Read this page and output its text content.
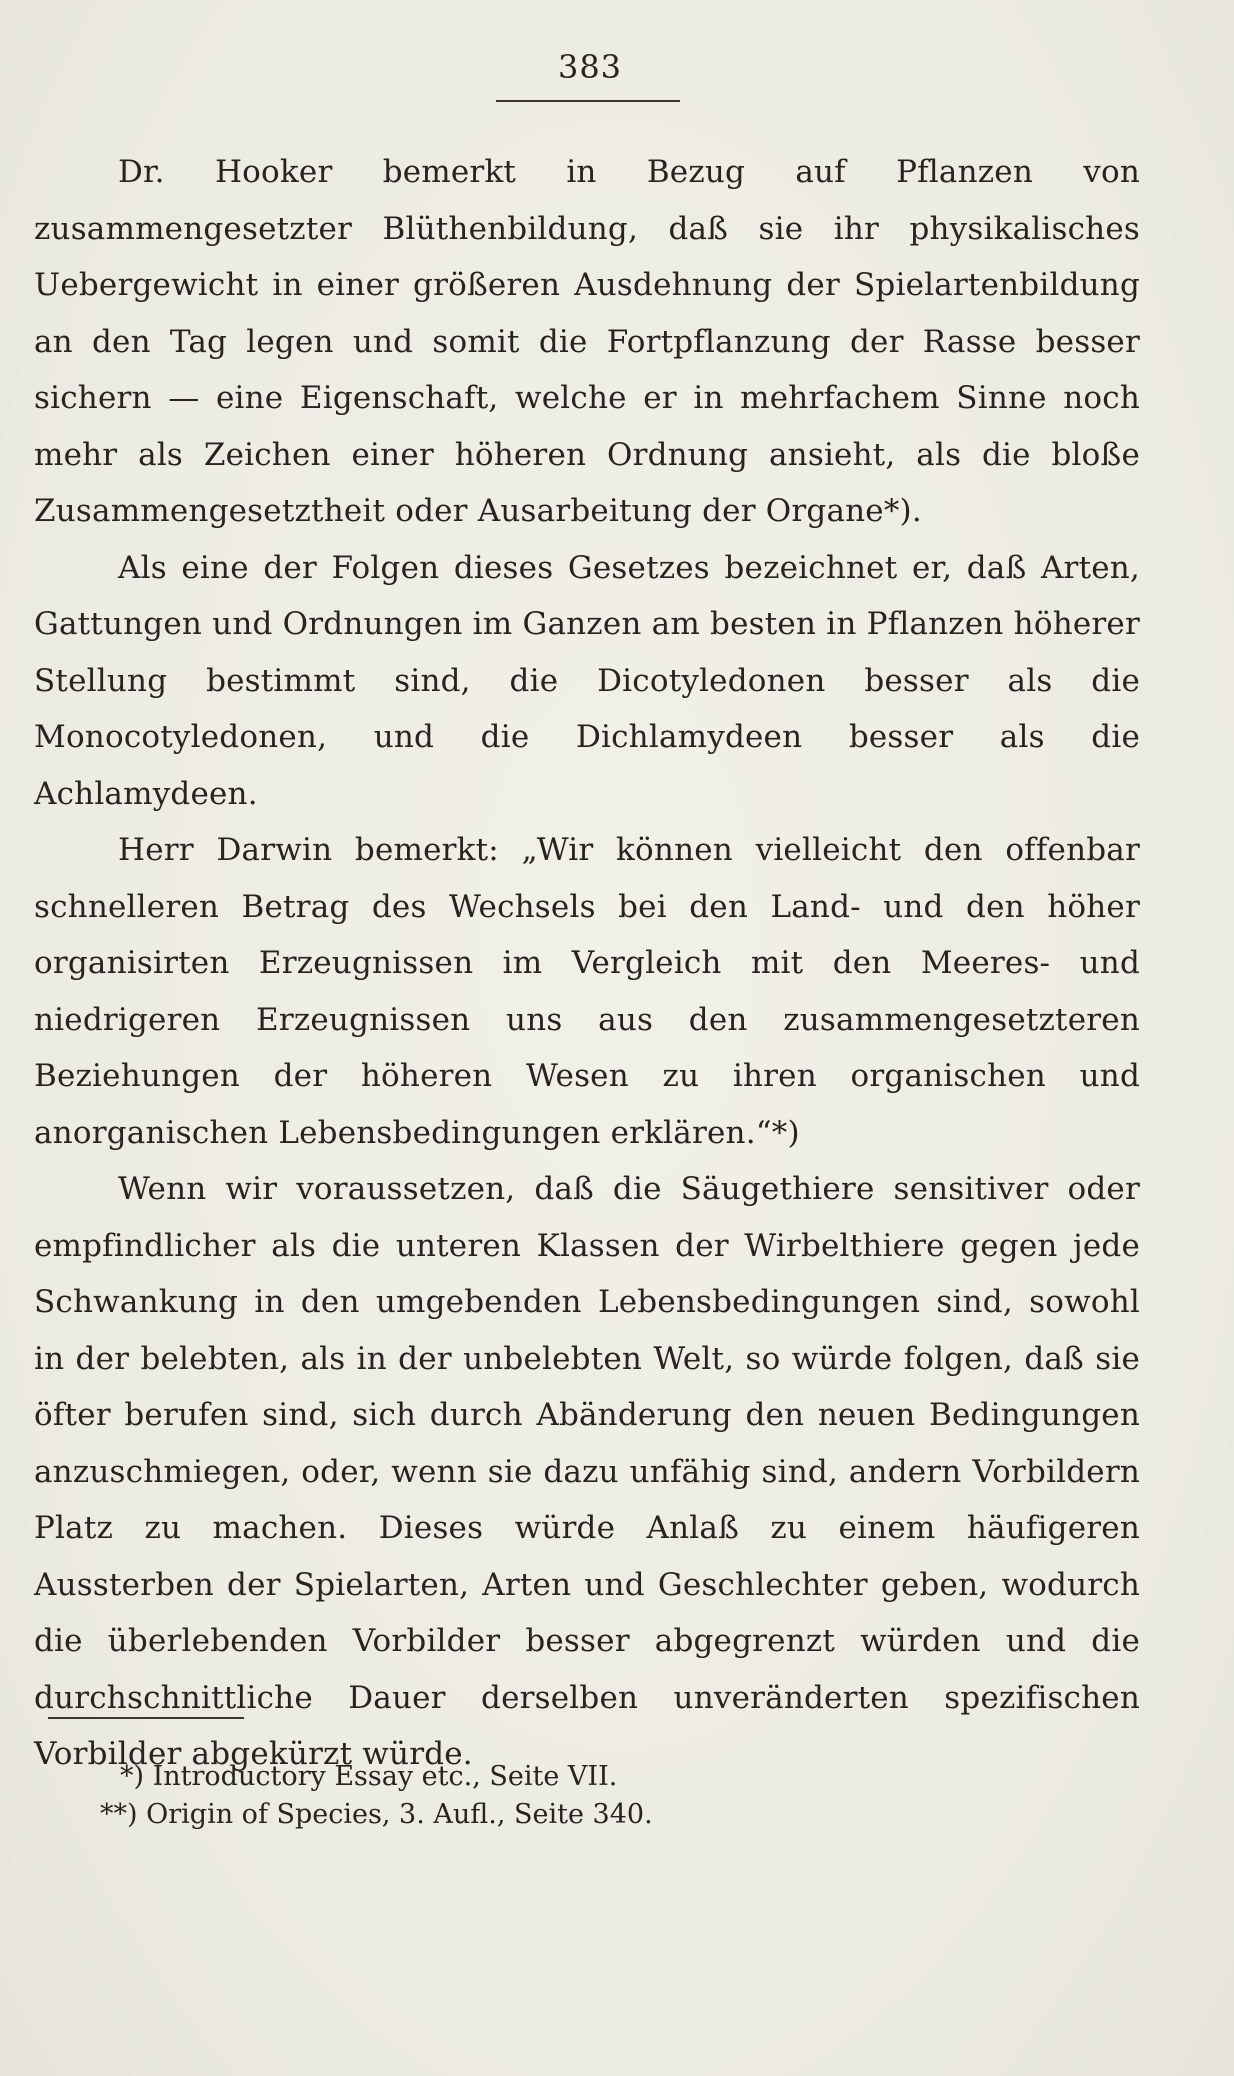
383

Dr. Hooker bemerkt in Bezug auf Pflanzen von zusammengesetzter Blüthenbildung, daß sie ihr physikalisches Uebergewicht in einer größeren Ausdehnung der Spielartenbildung an den Tag legen und somit die Fortpflanzung der Rasse besser sichern — eine Eigenschaft, welche er in mehrfachem Sinne noch mehr als Zeichen einer höheren Ordnung ansieht, als die bloße Zusammengesetztheit oder Ausarbeitung der Organe*).

Als eine der Folgen dieses Gesetzes bezeichnet er, daß Arten, Gattungen und Ordnungen im Ganzen am besten in Pflanzen höherer Stellung bestimmt sind, die Dicotyledonen besser als die Monocotyledonen, und die Dichlamydeen besser als die Achlamydeen.

Herr Darwin bemerkt: „Wir können vielleicht den offenbar schnelleren Betrag des Wechsels bei den Land- und den höher organisirten Erzeugnissen im Vergleich mit den Meeres- und niedrigeren Erzeugnissen uns aus den zusammengesetzteren Beziehungen der höheren Wesen zu ihren organischen und anorganischen Lebensbedingungen erklären.“*)

Wenn wir voraussetzen, daß die Säugethiere sensitiver oder empfindlicher als die unteren Klassen der Wirbelthiere gegen jede Schwankung in den umgebenden Lebensbedingungen sind, sowohl in der belebten, als in der unbelebten Welt, so würde folgen, daß sie öfter berufen sind, sich durch Abänderung den neuen Bedingungen anzuschmiegen, oder, wenn sie dazu unfähig sind, andern Vorbildern Platz zu machen. Dieses würde Anlaß zu einem häufigeren Aussterben der Spielarten, Arten und Geschlechter geben, wodurch die überlebenden Vorbilder besser abgegrenzt würden und die durchschnittliche Dauer derselben unveränderten spezifischen Vorbilder abgekürzt würde.

*) Introductory Essay etc., Seite VII.
**) Origin of Species, 3. Aufl., Seite 340.
